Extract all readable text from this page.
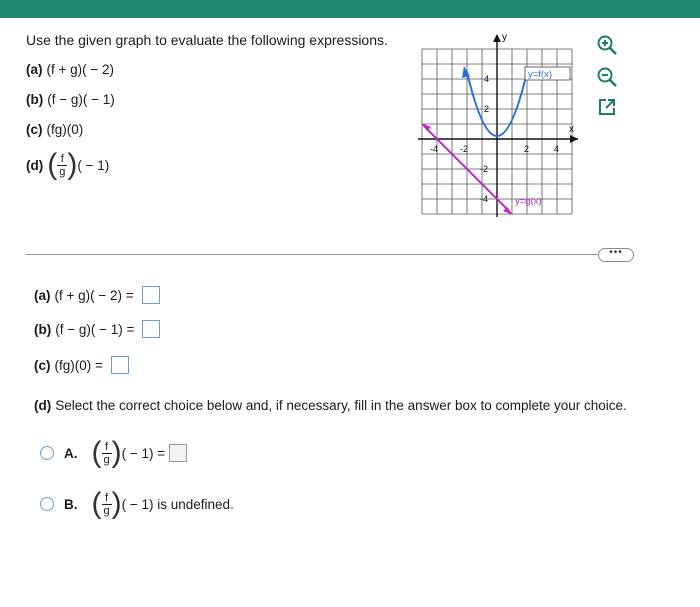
Use the given graph to evaluate the following expressions.
(a) (f + g)( − 2)
(b) (f − g)( − 1)
(c) (fg)(0)
(d) ( $\frac{f}{g}$ ) ( − 1)
y
x
-4 -2	2	4
4
2
-2
-4
y=f(x)
y=g(x)
•••
(a) (f + g)( − 2) =
(b) (f − g)( − 1) =
(c) (fg)(0) =
(d) Select the correct choice below and, if necessary, fill in the answer box to complete your choice.
A. ( $\frac{f}{g}$ ) ( − 1) =
B. ( $\frac{f}{g}$ ) ( − 1) is undefined.
